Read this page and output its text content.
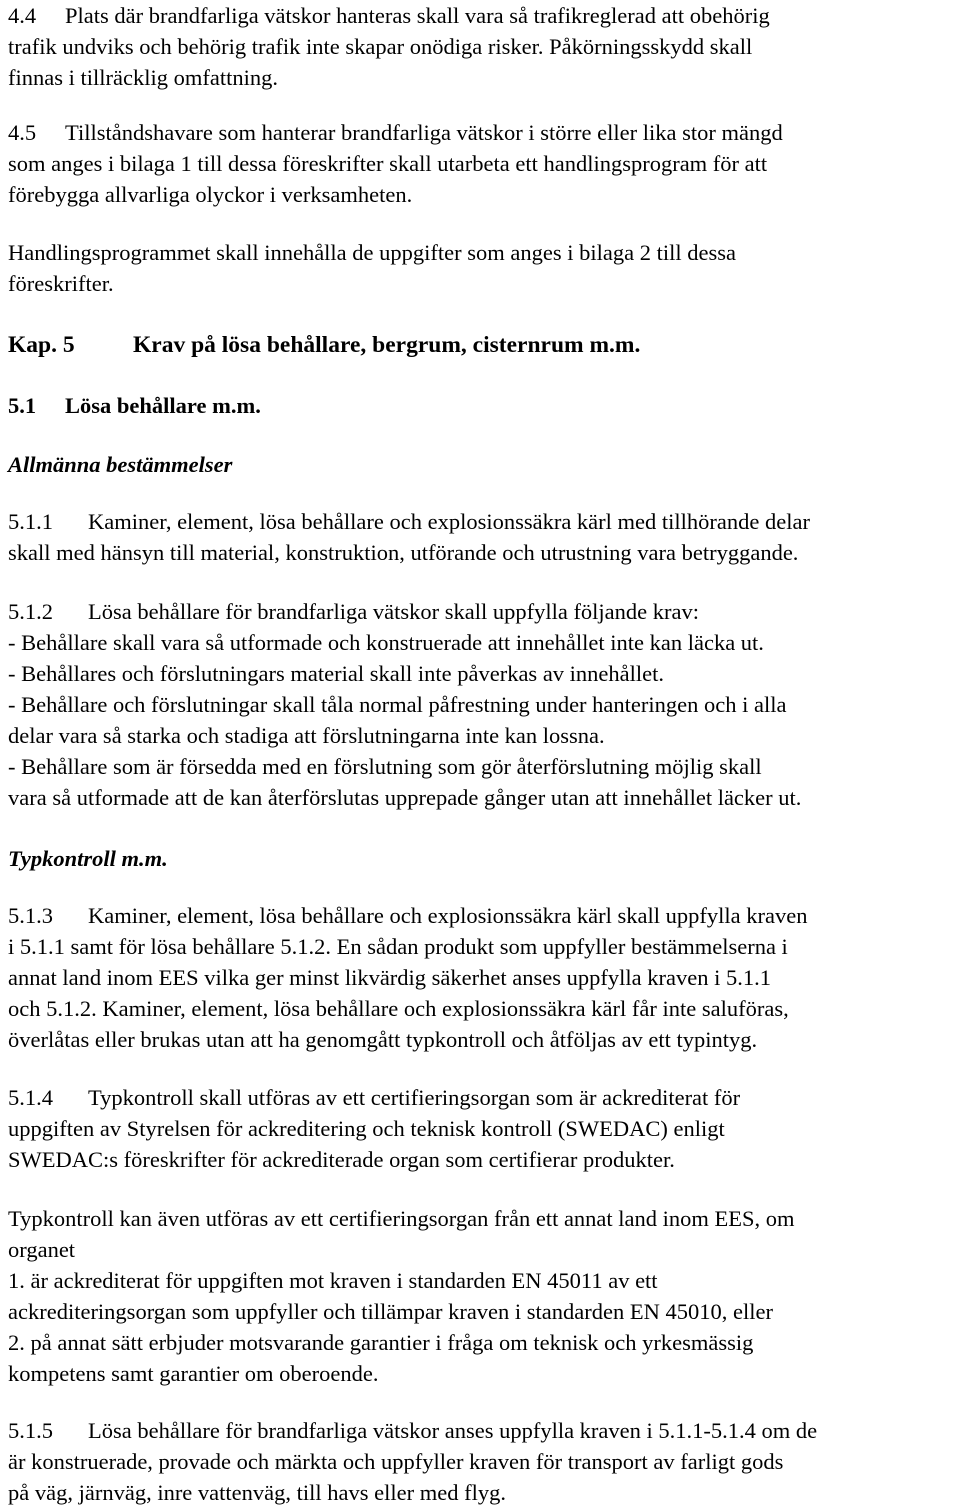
4.4 Plats där brandfarliga vätskor hanteras skall vara så trafikreglerad att obehörig
trafik undviks och behörig trafik inte skapar onödiga risker. Påkörningsskydd skall
finnas i tillräcklig omfattning.
4.5 Tillståndshavare som hanterar brandfarliga vätskor i större eller lika stor mängd
som anges i bilaga 1 till dessa föreskrifter skall utarbeta ett handlingsprogram för att
förebygga allvarliga olyckor i verksamheten.
Handlingsprogrammet skall innehålla de uppgifter som anges i bilaga 2 till dessa
föreskrifter.
Kap. 5 Krav på lösa behållare, bergrum, cisternrum m.m.
5.1 Lösa behållare m.m.
Allmänna bestämmelser
5.1.1 Kaminer, element, lösa behållare och explosionssäkra kärl med tillhörande delar
skall med hänsyn till material, konstruktion, utförande och utrustning vara betryggande.
5.1.2 Lösa behållare för brandfarliga vätskor skall uppfylla följande krav:
- Behållare skall vara så utformade och konstruerade att innehållet inte kan läcka ut.
- Behållares och förslutningars material skall inte påverkas av innehållet.
- Behållare och förslutningar skall tåla normal påfrestning under hanteringen och i alla
delar vara så starka och stadiga att förslutningarna inte kan lossna.
- Behållare som är försedda med en förslutning som gör återförslutning möjlig skall
vara så utformade att de kan återförslutas upprepade gånger utan att innehållet läcker ut.
Typkontroll m.m.
5.1.3 Kaminer, element, lösa behållare och explosionssäkra kärl skall uppfylla kraven
i 5.1.1 samt för lösa behållare 5.1.2. En sådan produkt som uppfyller bestämmelserna i
annat land inom EES vilka ger minst likvärdig säkerhet anses uppfylla kraven i 5.1.1
och 5.1.2. Kaminer, element, lösa behållare och explosionssäkra kärl får inte saluföras,
överlåtas eller brukas utan att ha genomgått typkontroll och åtföljas av ett typintyg.
5.1.4 Typkontroll skall utföras av ett certifieringsorgan som är ackrediterat för
uppgiften av Styrelsen för ackreditering och teknisk kontroll (SWEDAC) enligt
SWEDAC:s föreskrifter för ackrediterade organ som certifierar produkter.
Typkontroll kan även utföras av ett certifieringsorgan från ett annat land inom EES, om
organet
1. är ackrediterat för uppgiften mot kraven i standarden EN 45011 av ett
ackrediteringsorgan som uppfyller och tillämpar kraven i standarden EN 45010, eller
2. på annat sätt erbjuder motsvarande garantier i fråga om teknisk och yrkesmässig
kompetens samt garantier om oberoende.
5.1.5 Lösa behållare för brandfarliga vätskor anses uppfylla kraven i 5.1.1-5.1.4 om de
är konstruerade, provade och märkta och uppfyller kraven för transport av farligt gods
på väg, järnväg, inre vattenväg, till havs eller med flyg.
